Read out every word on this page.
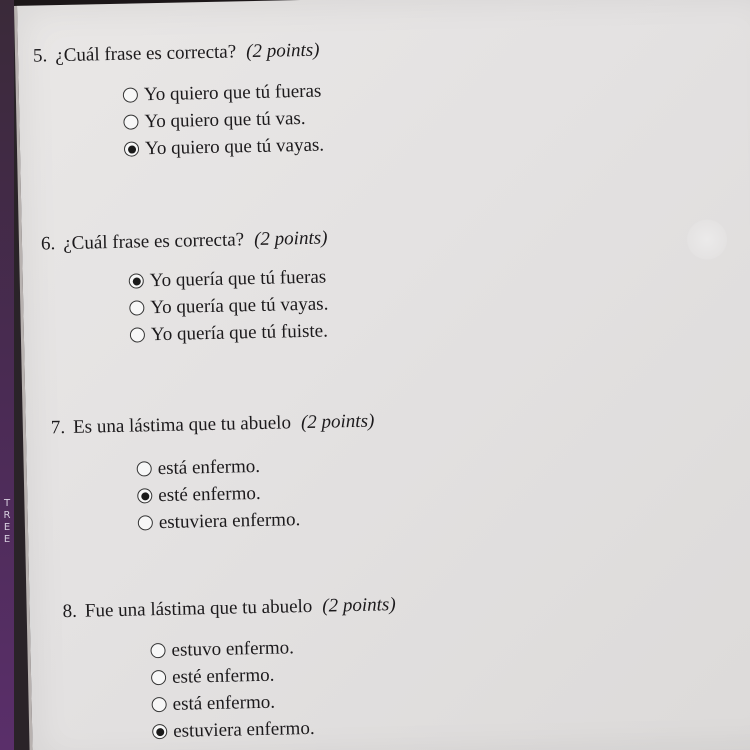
5. ¿Cuál frase es correcta? (2 points)
Yo quiero que tú fueras
Yo quiero que tú vas.
Yo quiero que tú vayas.
6. ¿Cuál frase es correcta? (2 points)
Yo quería que tú fueras
Yo quería que tú vayas.
Yo quería que tú fuiste.
7. Es una lástima que tu abuelo (2 points)
está enfermo.
esté enfermo.
estuviera enfermo.
8. Fue una lástima que tu abuelo (2 points)
estuvo enfermo.
esté enfermo.
está enfermo.
estuviera enfermo.
T
R
E
E
